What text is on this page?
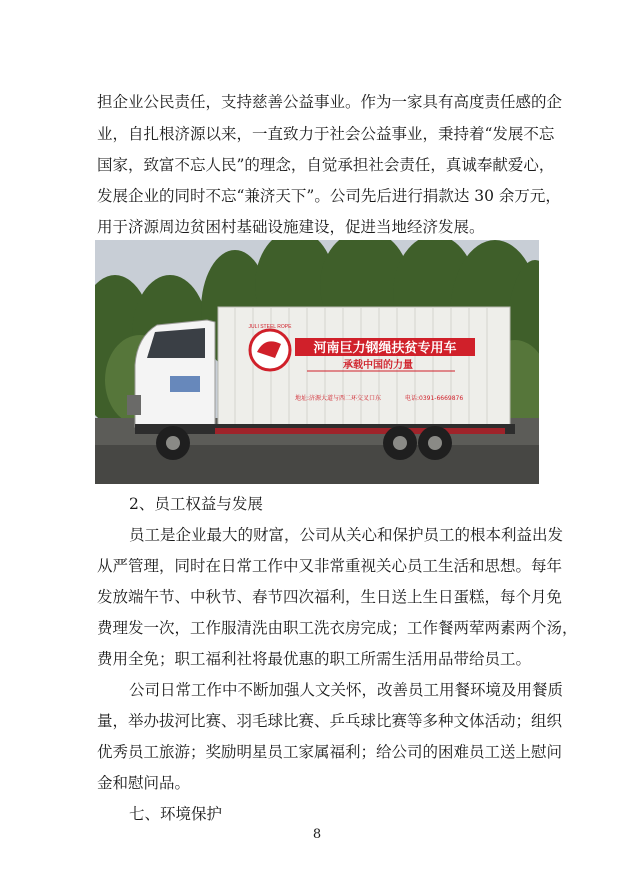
担企业公民责任，支持慈善公益事业。作为一家具有高度责任感的企
业，自扎根济源以来，一直致力于社会公益事业，秉持着“发展不忘
国家，致富不忘人民”的理念，自觉承担社会责任，真诚奉献爱心，
发展企业的同时不忘“兼济天下”。公司先后进行捐款达 30 余万元，
用于济源周边贫困村基础设施建设，促进当地经济发展。
JULI STEEL ROPE
河南巨力钢绳扶贫专用车
承载中国的力量
地址:济源大道与西二环交叉口东	电话:0391-6669876
2、员工权益与发展
员工是企业最大的财富，公司从关心和保护员工的根本利益出发
从严管理，同时在日常工作中又非常重视关心员工生活和思想。每年
发放端午节、中秋节、春节四次福利，生日送上生日蛋糕，每个月免
费理发一次，工作服清洗由职工洗衣房完成；工作餐两荤两素两个汤，
费用全免；职工福利社将最优惠的职工所需生活用品带给员工。
公司日常工作中不断加强人文关怀，改善员工用餐环境及用餐质
量，举办拔河比赛、羽毛球比赛、乒乓球比赛等多种文体活动；组织
优秀员工旅游；奖励明星员工家属福利；给公司的困难员工送上慰问
金和慰问品。
七、环境保护
8
